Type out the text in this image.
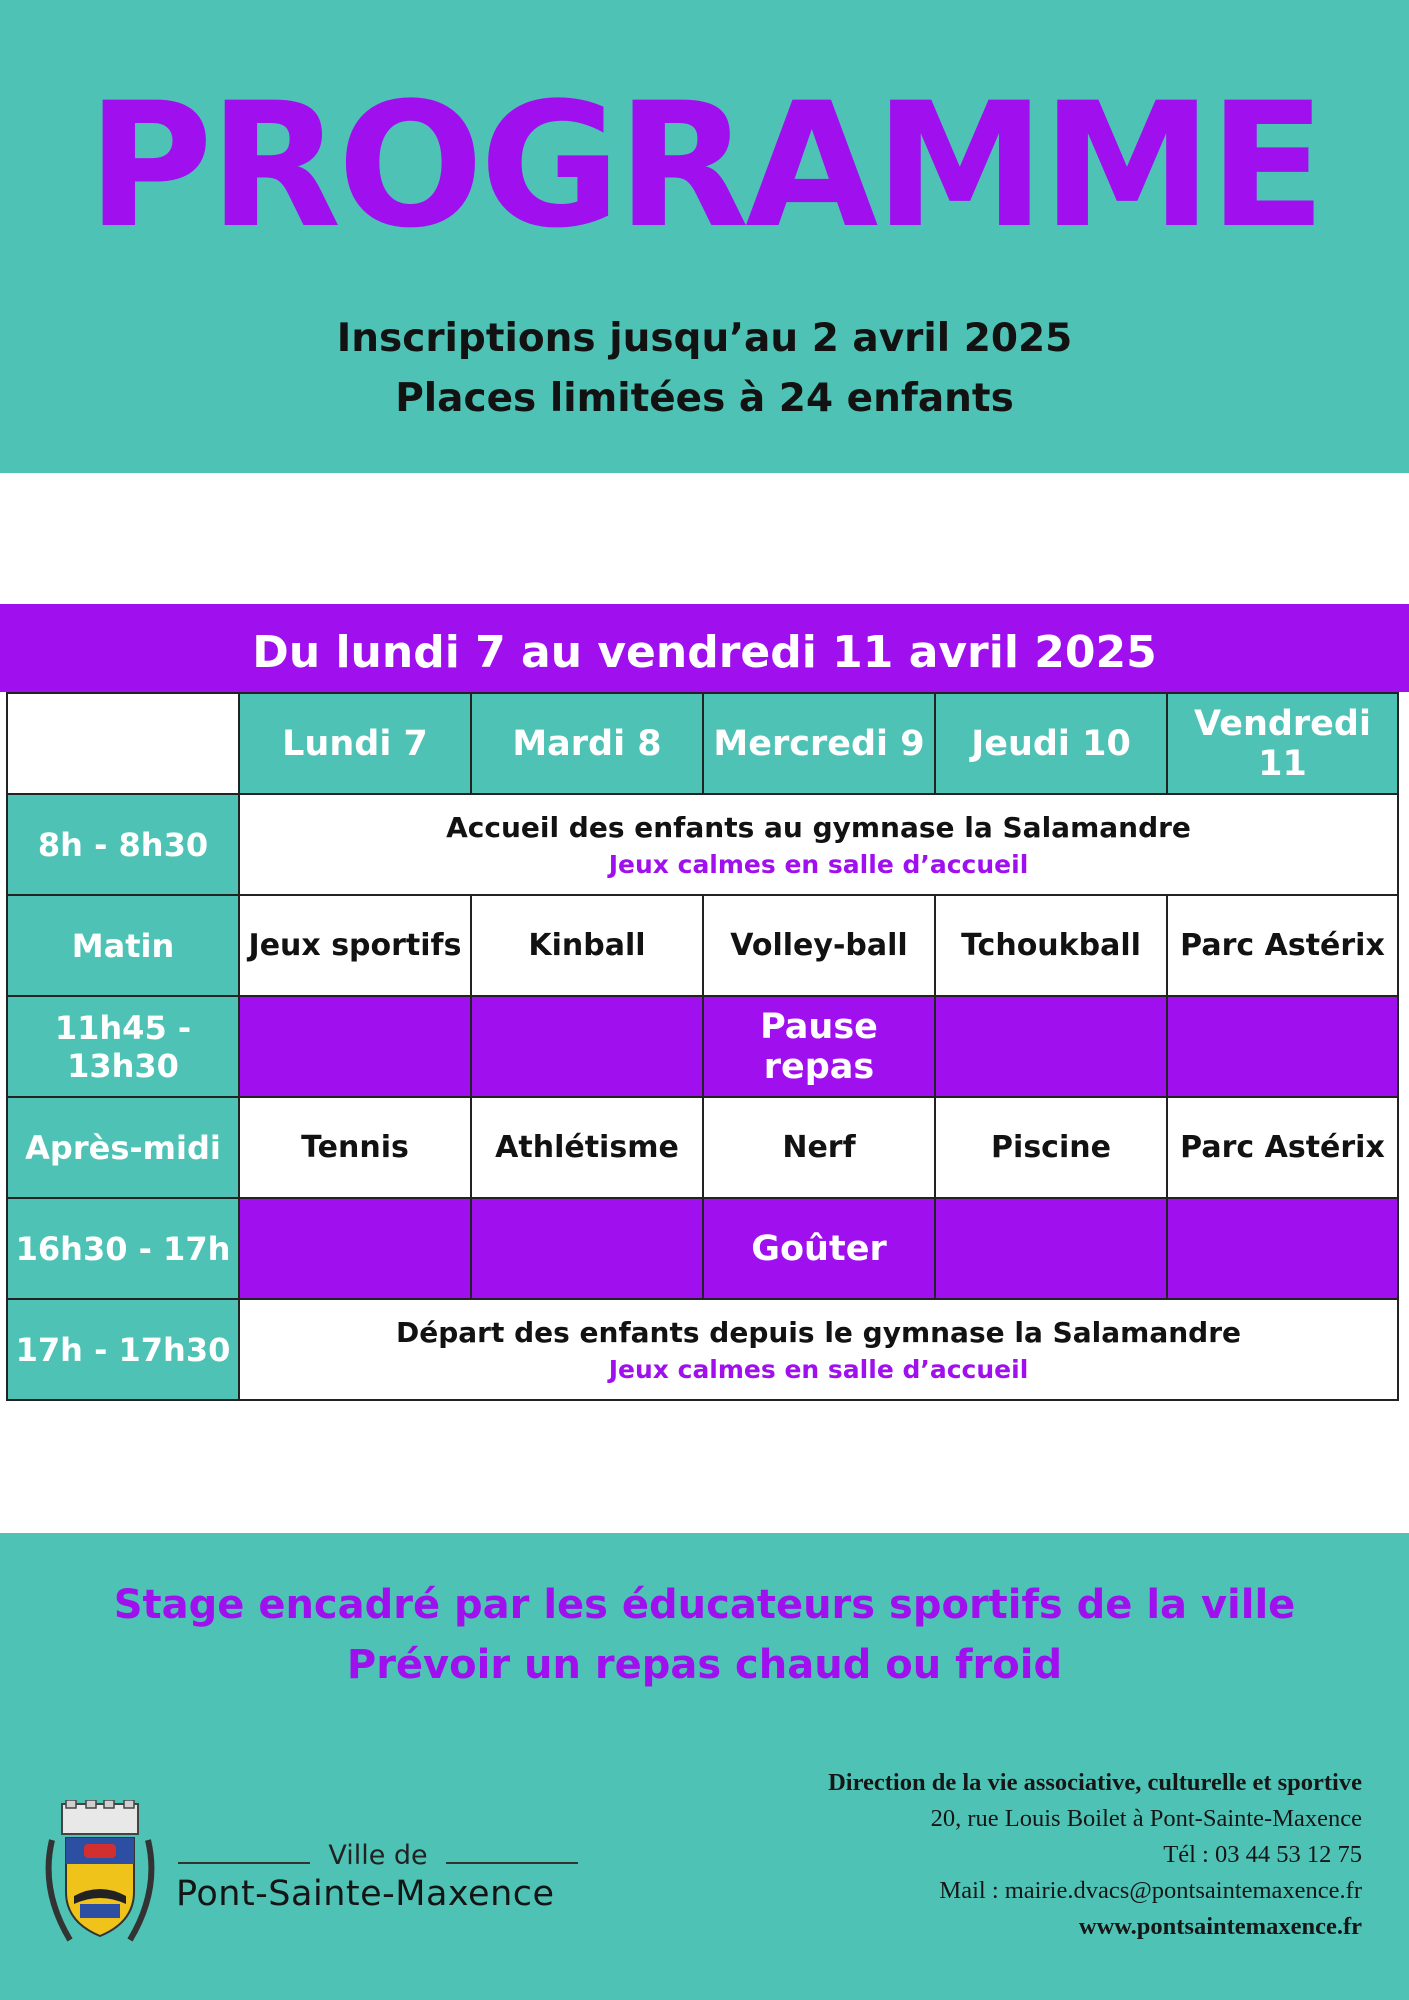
PROGRAMME
Inscriptions jusqu’au 2 avril 2025
Places limitées à 24 enfants
Du lundi 7 au vendredi 11 avril 2025
	Lundi 7	Mardi 8	Mercredi 9	Jeudi 10	Vendredi 11
8h - 8h30	Accueil des enfants au gymnase la Salamandre
Jeux calmes en salle d’accueil				

Matin	Jeux sportifs	Kinball	Volley-ball	Tchoukball	Parc Astérix
11h45 - 13h30			Pause repas		
Après-midi	Tennis	Athlétisme	Nerf	Piscine	Parc Astérix
16h30 - 17h			Goûter		
17h - 17h30	Départ des enfants depuis le gymnase la Salamandre
Jeux calmes en salle d’accueil				
Stage encadré par les éducateurs sportifs de la ville
Prévoir un repas chaud ou froid
Ville de
Pont-Sainte-Maxence
Direction de la vie associative, culturelle et sportive
20, rue Louis Boilet à Pont-Sainte-Maxence
Tél : 03 44 53 12 75
Mail : mairie.dvacs@pontsaintemaxence.fr
www.pontsaintemaxence.fr
